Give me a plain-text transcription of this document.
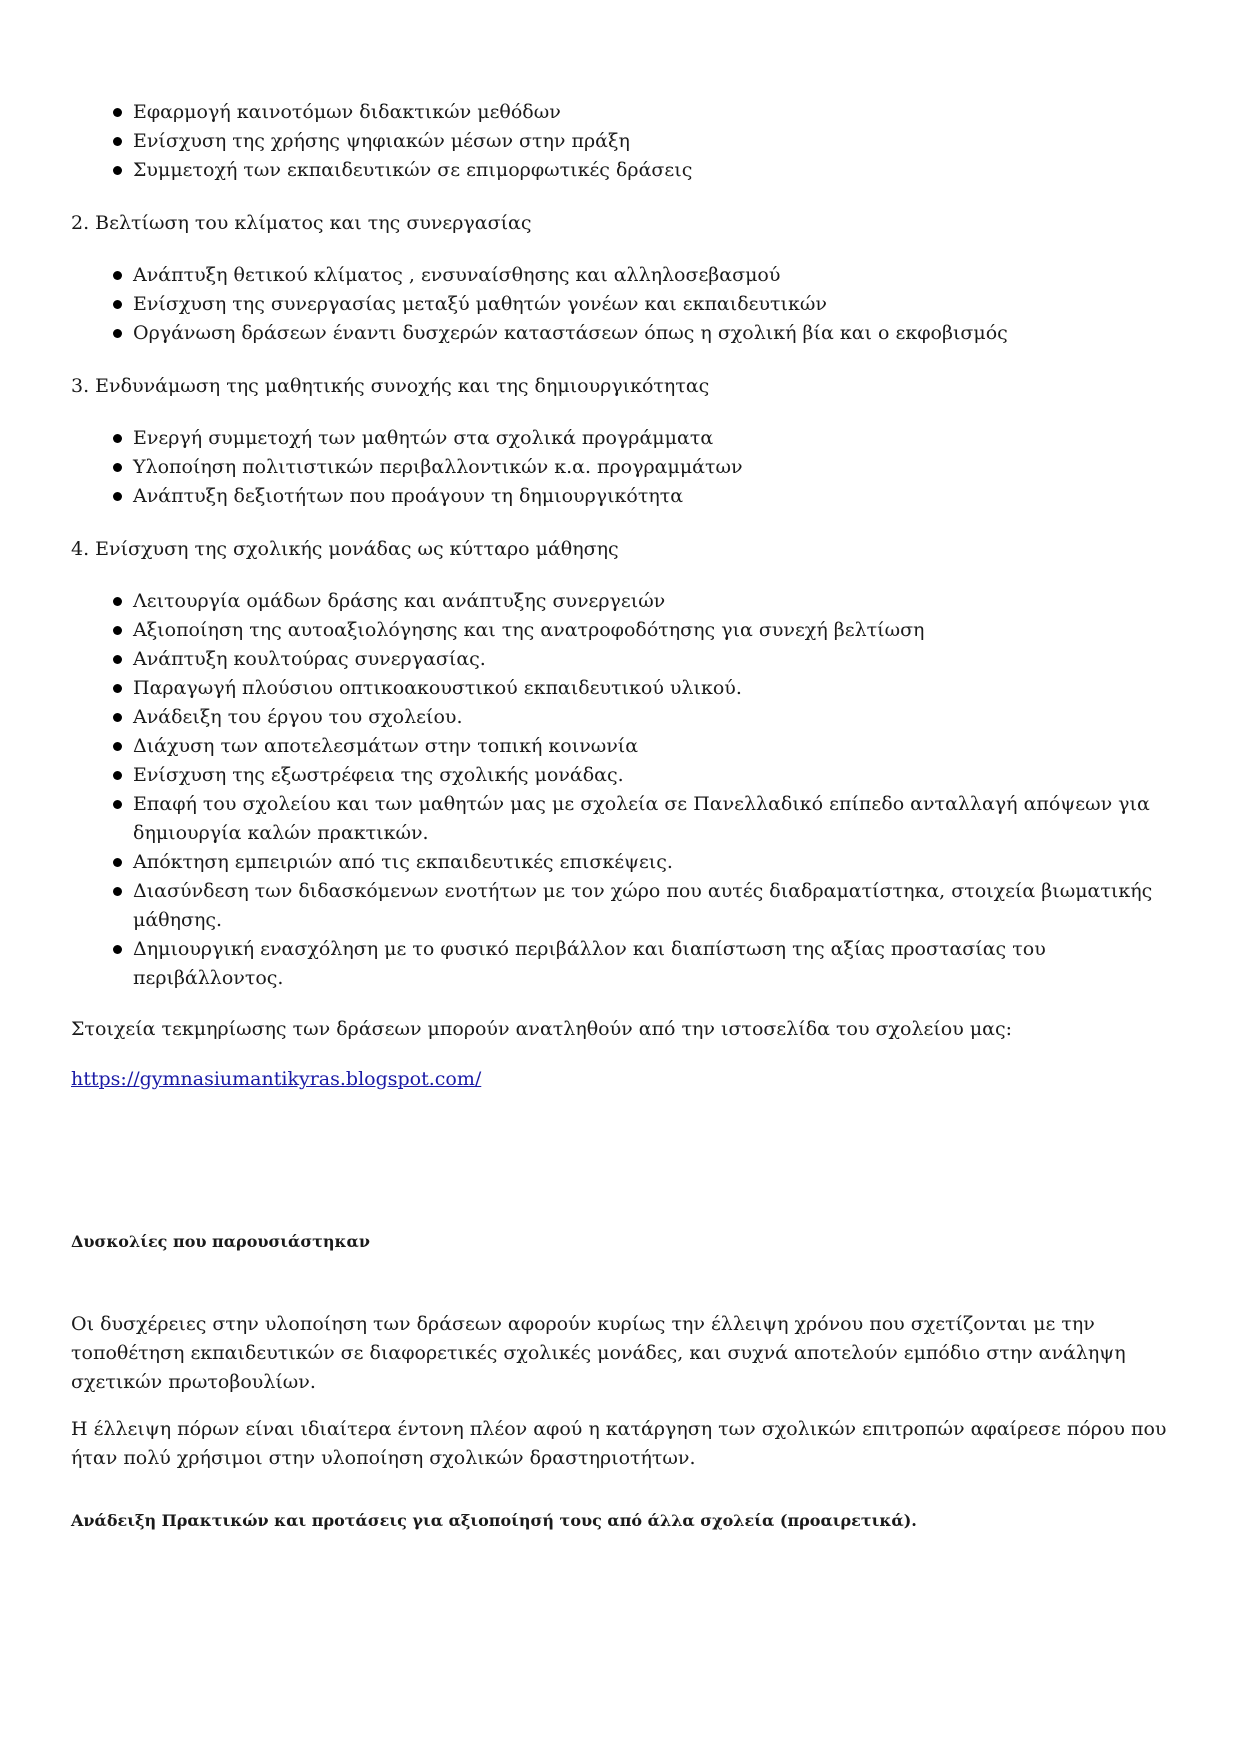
Εφαρμογή καινοτόμων διδακτικών μεθόδων
Ενίσχυση της χρήσης ψηφιακών μέσων στην πράξη
Συμμετοχή των εκπαιδευτικών σε επιμορφωτικές δράσεις
2. Βελτίωση του κλίματος και της συνεργασίας
Ανάπτυξη θετικού κλίματος , ενσυναίσθησης και αλληλοσεβασμού
Ενίσχυση της συνεργασίας μεταξύ μαθητών γονέων και εκπαιδευτικών
Οργάνωση δράσεων έναντι δυσχερών καταστάσεων όπως η σχολική βία και ο εκφοβισμός
3. Ενδυνάμωση της μαθητικής συνοχής και της δημιουργικότητας
Ενεργή συμμετοχή των μαθητών στα σχολικά προγράμματα
Υλοποίηση πολιτιστικών περιβαλλοντικών κ.α. προγραμμάτων
Ανάπτυξη δεξιοτήτων που προάγουν τη δημιουργικότητα
4. Ενίσχυση της σχολικής μονάδας ως κύτταρο μάθησης
Λειτουργία ομάδων δράσης και ανάπτυξης συνεργειών
Αξιοποίηση της αυτοαξιολόγησης και της ανατροφοδότησης για συνεχή βελτίωση
Ανάπτυξη κουλτούρας συνεργασίας.
Παραγωγή πλούσιου οπτικοακουστικού εκπαιδευτικού υλικού.
Ανάδειξη του έργου του σχολείου.
Διάχυση των αποτελεσμάτων στην τοπική κοινωνία
Ενίσχυση της εξωστρέφεια της σχολικής μονάδας.
Επαφή του σχολείου και των μαθητών μας με σχολεία σε Πανελλαδικό επίπεδο ανταλλαγή απόψεων για δημιουργία καλών πρακτικών.
Απόκτηση εμπειριών από τις εκπαιδευτικές επισκέψεις.
Διασύνδεση των διδασκόμενων ενοτήτων με τον χώρο που αυτές διαδραματίστηκα, στοιχεία βιωματικής μάθησης.
Δημιουργική ενασχόληση με το φυσικό περιβάλλον και διαπίστωση της αξίας προστασίας του περιβάλλοντος.

Στοιχεία τεκμηρίωσης των δράσεων μπορούν ανατληθούν από την ιστοσελίδα του σχολείου μας:

https://gymnasiumantikyras.blogspot.com/

Δυσκολίες που παρουσιάστηκαν

Οι δυσχέρειες στην υλοποίηση των δράσεων αφορούν κυρίως την έλλειψη χρόνου που σχετίζονται με την τοποθέτηση εκπαιδευτικών σε διαφορετικές σχολικές μονάδες, και συχνά αποτελούν εμπόδιο στην ανάληψη σχετικών πρωτοβουλίων.

Η έλλειψη πόρων είναι ιδιαίτερα έντονη πλέον αφού η κατάργηση των σχολικών επιτροπών αφαίρεσε πόρου που ήταν πολύ χρήσιμοι στην υλοποίηση σχολικών δραστηριοτήτων.

Ανάδειξη Πρακτικών και προτάσεις για αξιοποίησή τους από άλλα σχολεία (προαιρετικά).
